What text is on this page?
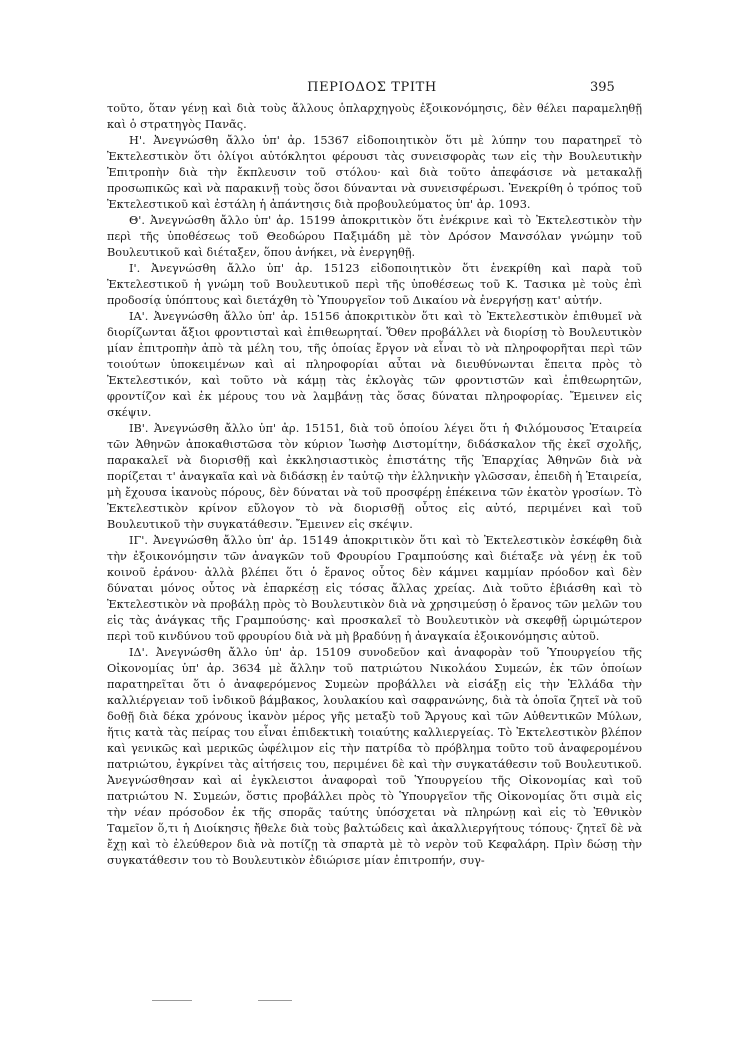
ΠΕΡΙΟΔΟΣ ΤΡΙΤΗ	395

τοῦτο, ὅταν γένῃ καὶ διὰ τοὺς ἄλλους ὁπλαρχηγοὺς ἐξοικονόμησις, δὲν θέλει παραμεληθῇ καὶ ὁ στρατηγὸς Πανᾶς.

Η'. Ἀνεγνώσθη ἄλλο ὑπ' ἀρ. 15367 εἰδοποιητικὸν ὅτι μὲ λύπην του παρατηρεῖ τὸ Ἐκτελεστικὸν ὅτι ὀλίγοι αὐτόκλητοι φέρουσι τὰς συνεισφορὰς των εἰς τὴν Βουλευτικὴν Ἐπιτροπὴν διὰ τὴν ἔκπλευσιν τοῦ στόλου· καὶ διὰ τοῦτο ἀπεφάσισε νὰ μετακαλῇ προσωπικῶς καὶ νὰ παρακινῇ τοὺς ὅσοι δύνανται νὰ συνεισφέρωσι. Ἐνεκρίθη ὁ τρόπος τοῦ Ἐκτελεστικοῦ καὶ ἐστάλη ἡ ἀπάντησις διὰ προβουλεύματος ὑπ' ἀρ. 1093.

Θ'. Ἀνεγνώσθη ἄλλο ὑπ' ἀρ. 15199 ἀποκριτικὸν ὅτι ἐνέκρινε καὶ τὸ Ἐκτελεστικὸν τὴν περὶ τῆς ὑποθέσεως τοῦ Θεοδώρου Παξιμάδη μὲ τὸν Δρόσον Μανσόλαν γνώμην τοῦ Βουλευτικοῦ καὶ διέταξεν, ὅπου ἀνήκει, νὰ ἐνεργηθῇ.

Ι'. Ἀνεγνώσθη ἄλλο ὑπ' ἀρ. 15123 εἰδοποιητικὸν ὅτι ἐνεκρίθη καὶ παρὰ τοῦ Ἐκτελεστικοῦ ἡ γνώμη τοῦ Βουλευτικοῦ περὶ τῆς ὑποθέσεως τοῦ Κ. Τασικα μὲ τοὺς ἐπὶ προδοσίᾳ ὑπόπτους καὶ διετάχθη τὸ Ὑπουργεῖον τοῦ Δικαίου νὰ ἐνεργήσῃ κατ' αὐτήν.

ΙΑ'. Ἀνεγνώσθη ἄλλο ὑπ' ἀρ. 15156 ἀποκριτικὸν ὅτι καὶ τὸ Ἐκτελεστικὸν ἐπιθυμεῖ νὰ διορίζωνται ἄξιοι φροντισταὶ καὶ ἐπιθεωρηταί. Ὅθεν προβάλλει νὰ διορίσῃ τὸ Βουλευτικὸν μίαν ἐπιτροπὴν ἀπὸ τὰ μέλη του, τῆς ὁποίας ἔργον νὰ εἶναι τὸ νὰ πληροφορῆται περὶ τῶν τοιούτων ὑποκειμένων καὶ αἱ πληροφορίαι αὗται νὰ διευθύνωνται ἔπειτα πρὸς τὸ Ἐκτελεστικόν, καὶ τοῦτο νὰ κάμῃ τὰς ἐκλογὰς τῶν φροντιστῶν καὶ ἐπιθεωρητῶν, φροντίζον καὶ ἐκ μέρους του νὰ λαμβάνῃ τὰς ὅσας δύναται πληροφορίας. Ἔμεινεν εἰς σκέψιν.

ΙΒ'. Ἀνεγνώσθη ἄλλο ὑπ' ἀρ. 15151, διὰ τοῦ ὁποίου λέγει ὅτι ἡ Φιλόμουσος Ἑταιρεία τῶν Ἀθηνῶν ἀποκαθιστῶσα τὸν κύριον Ἰωσὴφ Διστομίτην, διδάσκαλον τῆς ἐκεῖ σχολῆς, παρακαλεῖ νὰ διορισθῇ καὶ ἐκκλησιαστικὸς ἐπιστάτης τῆς Ἐπαρχίας Ἀθηνῶν διὰ νὰ πορίζεται τ' ἀναγκαῖα καὶ νὰ διδάσκῃ ἐν ταὐτῷ τὴν ἑλληνικὴν γλῶσσαν, ἐπειδὴ ἡ Ἑταιρεία, μὴ ἔχουσα ἱκανοὺς πόρους, δὲν δύναται νὰ τοῦ προσφέρῃ ἐπέκεινα τῶν ἑκατὸν γροσίων. Τὸ Ἐκτελεστικὸν κρίνον εὔλογον τὸ νὰ διορισθῇ οὗτος εἰς αὐτό, περιμένει καὶ τοῦ Βουλευτικοῦ τὴν συγκατάθεσιν. Ἔμεινεν εἰς σκέψιν.

ΙΓ'. Ἀνεγνώσθη ἄλλο ὑπ' ἀρ. 15149 ἀποκριτικὸν ὅτι καὶ τὸ Ἐκτελεστικὸν ἐσκέφθη διὰ τὴν ἐξοικονόμησιν τῶν ἀναγκῶν τοῦ Φρουρίου Γραμπούσης καὶ διέταξε νὰ γένῃ ἐκ τοῦ κοινοῦ ἐράνου· ἀλλὰ βλέπει ὅτι ὁ ἔρανος οὗτος δὲν κάμνει καμμίαν πρόοδον καὶ δὲν δύναται μόνος οὗτος νὰ ἐπαρκέσῃ εἰς τόσας ἄλλας χρείας. Διὰ τοῦτο ἐβιάσθη καὶ τὸ Ἐκτελεστικὸν νὰ προβάλῃ πρὸς τὸ Βουλευτικὸν διὰ νὰ χρησιμεύσῃ ὁ ἔρανος τῶν μελῶν του εἰς τὰς ἀνάγκας τῆς Γραμπούσης· καὶ προσκαλεῖ τὸ Βουλευτικὸν νὰ σκεφθῇ ὡριμώτερον περὶ τοῦ κινδύνου τοῦ φρουρίου διὰ νὰ μὴ βραδύνῃ ἡ ἀναγκαία ἐξοικονόμησις αὐτοῦ.

ΙΔ'. Ἀνεγνώσθη ἄλλο ὑπ' ἀρ. 15109 συνοδεῦον καὶ ἀναφορὰν τοῦ Ὑπουργείου τῆς Οἰκονομίας ὑπ' ἀρ. 3634 μὲ ἄλλην τοῦ πατριώτου Νικολάου Συμεών, ἐκ τῶν ὁποίων παρατηρεῖται ὅτι ὁ ἀναφερόμενος Συμεὼν προβάλλει νὰ εἰσάξῃ εἰς τὴν Ἑλλάδα τὴν καλλιέργειαν τοῦ ἰνδικοῦ βάμβακος, λουλακίου καὶ σαφρανώνης, διὰ τὰ ὁποῖα ζητεῖ νὰ τοῦ δοθῇ διὰ δέκα χρόνους ἱκανὸν μέρος γῆς μεταξὺ τοῦ Ἄργους καὶ τῶν Αὐθεντικῶν Μύλων, ἥτις κατὰ τὰς πείρας του εἶναι ἐπιδεκτικὴ τοιαύτης καλλιεργείας. Τὸ Ἐκτελεστικὸν βλέπον καὶ γενικῶς καὶ μερικῶς ὠφέλιμον εἰς τὴν πατρίδα τὸ πρόβλημα τοῦτο τοῦ ἀναφερομένου πατριώτου, ἐγκρίνει τὰς αἰτήσεις του, περιμένει δὲ καὶ τὴν συγκατάθεσιν τοῦ Βουλευτικοῦ. Ἀνεγνώσθησαν καὶ αἱ ἐγκλειστοι ἀναφοραὶ τοῦ Ὑπουργείου τῆς Οἰκονομίας καὶ τοῦ πατριώτου Ν. Συμεών, ὅστις προβάλλει πρὸς τὸ Ὑπουργεῖον τῆς Οἰκονομίας ὅτι σιμὰ εἰς τὴν νέαν πρόσοδον ἐκ τῆς σπορᾶς ταύτης ὑπόσχεται νὰ πληρώνῃ καὶ εἰς τὸ Ἐθνικὸν Ταμεῖον ὅ,τι ἡ Διοίκησις ἤθελε διὰ τοὺς βαλτώδεις καὶ ἀκαλλιεργήτους τόπους· ζητεῖ δὲ νὰ ἔχῃ καὶ τὸ ἐλεύθερον διὰ νὰ ποτίζῃ τὰ σπαρτὰ μὲ τὸ νερὸν τοῦ Κεφαλάρη. Πρὶν δώσῃ τὴν συγκατάθεσιν του τὸ Βουλευτικὸν ἐδιώρισε μίαν ἐπιτροπήν, συγ-
